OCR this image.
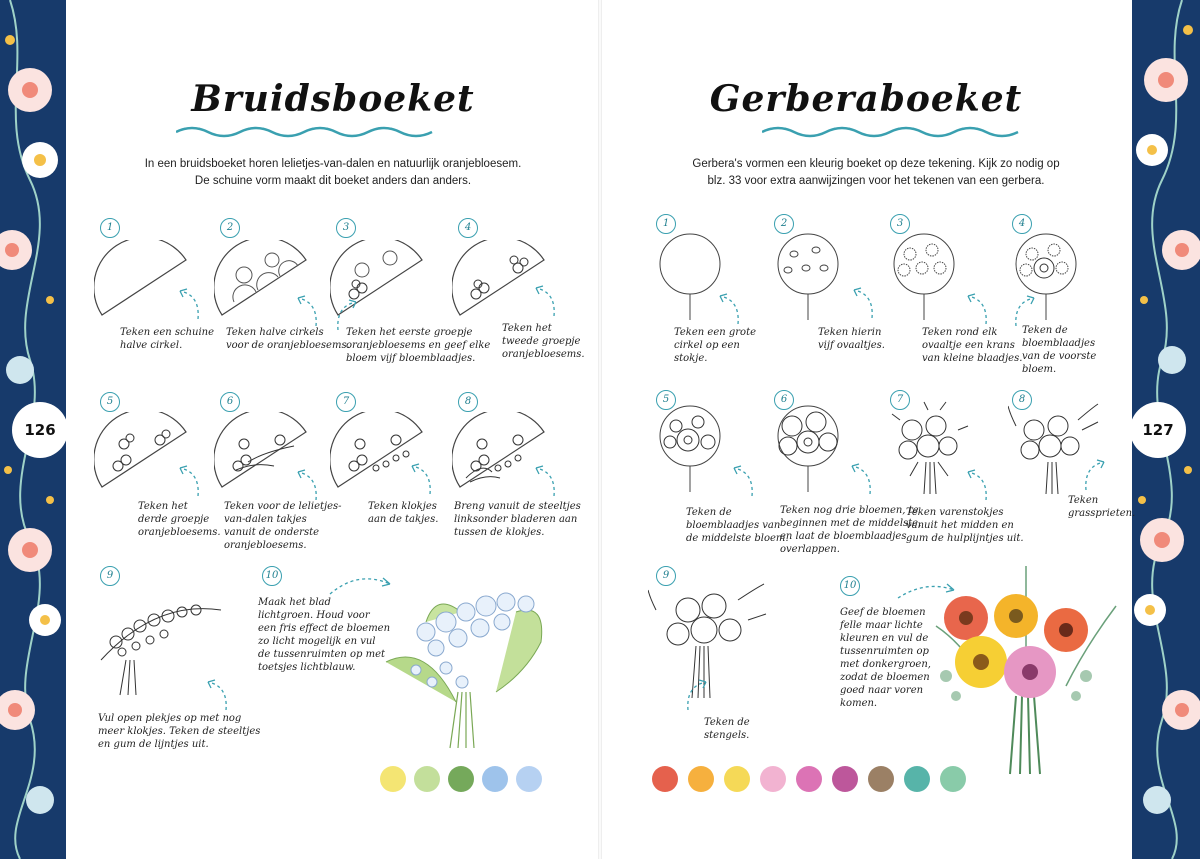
126	127
Bruidsboeket
In een bruidsboeket horen lelietjes-van-dalen en natuurlijk oranjebloesem.
De schuine vorm maakt dit boeket anders dan anders.
1
Teken een schuine
halve cirkel.
2
Teken halve cirkels
voor de oranjebloesems.
3
Teken het eerste groepje
oranjebloesems en geef elke
bloem vijf bloemblaadjes.
4
Teken het
tweede groepje
oranjebloesems.
5
Teken het
derde groepje
oranjebloesems.
6
Teken voor de lelietjes-
van-dalen takjes
vanuit de onderste
oranjebloesems.
7
Teken klokjes
aan de takjes.
8
Breng vanuit de steeltjes
linksonder bladeren aan
tussen de klokjes.
9
Vul open plekjes op met nog
meer klokjes. Teken de steeltjes
en gum de lijntjes uit.
10
Maak het blad
lichtgroen. Houd voor
een fris effect de bloemen
zo licht mogelijk en vul
de tussenruimten op met
toetsjes lichtblauw.
Gerberaboeket
Gerbera's vormen een kleurig boeket op deze tekening. Kijk zo nodig op
blz. 33 voor extra aanwijzingen voor het tekenen van een gerbera.
1
Teken een grote
cirkel op een
stokje.
2
Teken hierin
vijf ovaaltjes.
3
Teken rond elk
ovaaltje een krans
van kleine blaadjes.
4
Teken de bloemblaadjes
van de voorste bloem.
5
Teken de
bloemblaadjes van
de middelste bloem.
6
Teken nog drie bloemen, te
beginnen met de middelste,
en laat de bloemblaadjes
overlappen.
7
Teken varenstokjes
vanuit het midden en
gum de hulplijntjes uit.
8
Teken
grassprieten.
9
Teken de
stengels.
10
Geef de bloemen
felle maar lichte
kleuren en vul de
tussenruimten op
met donkergroen,
zodat de bloemen
goed naar voren
komen.
